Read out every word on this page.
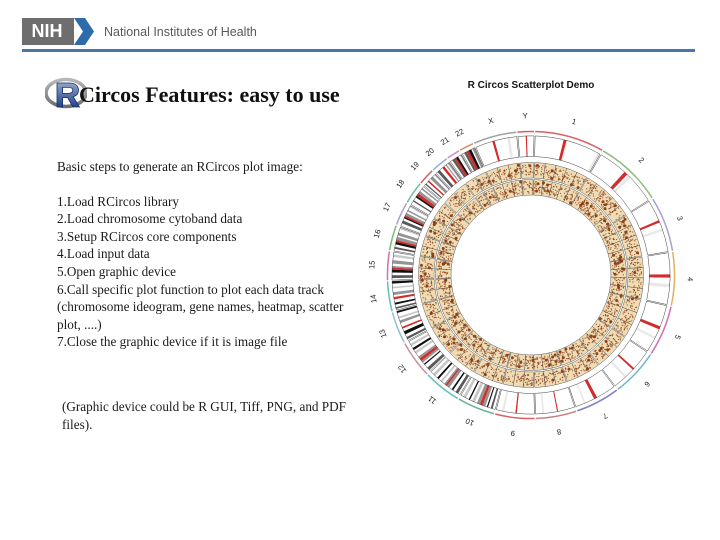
NIH	National Institutes of Health
Circos Features: easy to use

Basic steps to generate an RCircos plot image:

1.Load RCircos library

2.Load chromosome cytoband data

3.Setup RCircos core components

4.Load input data

5.Open graphic device

6.Call specific plot function to plot each data track (chromosome ideogram, gene names, heatmap, scatter plot, ....)

7.Close the graphic device if it is image file

(Graphic device could be R GUI, Tiff, PNG, and PDF files).
R Circos Scatterplot Demo
1
2
3
4
5
6
7
8
9
10
11
12
13
14
15
16
17
18
19
20
21
22
X
Y
